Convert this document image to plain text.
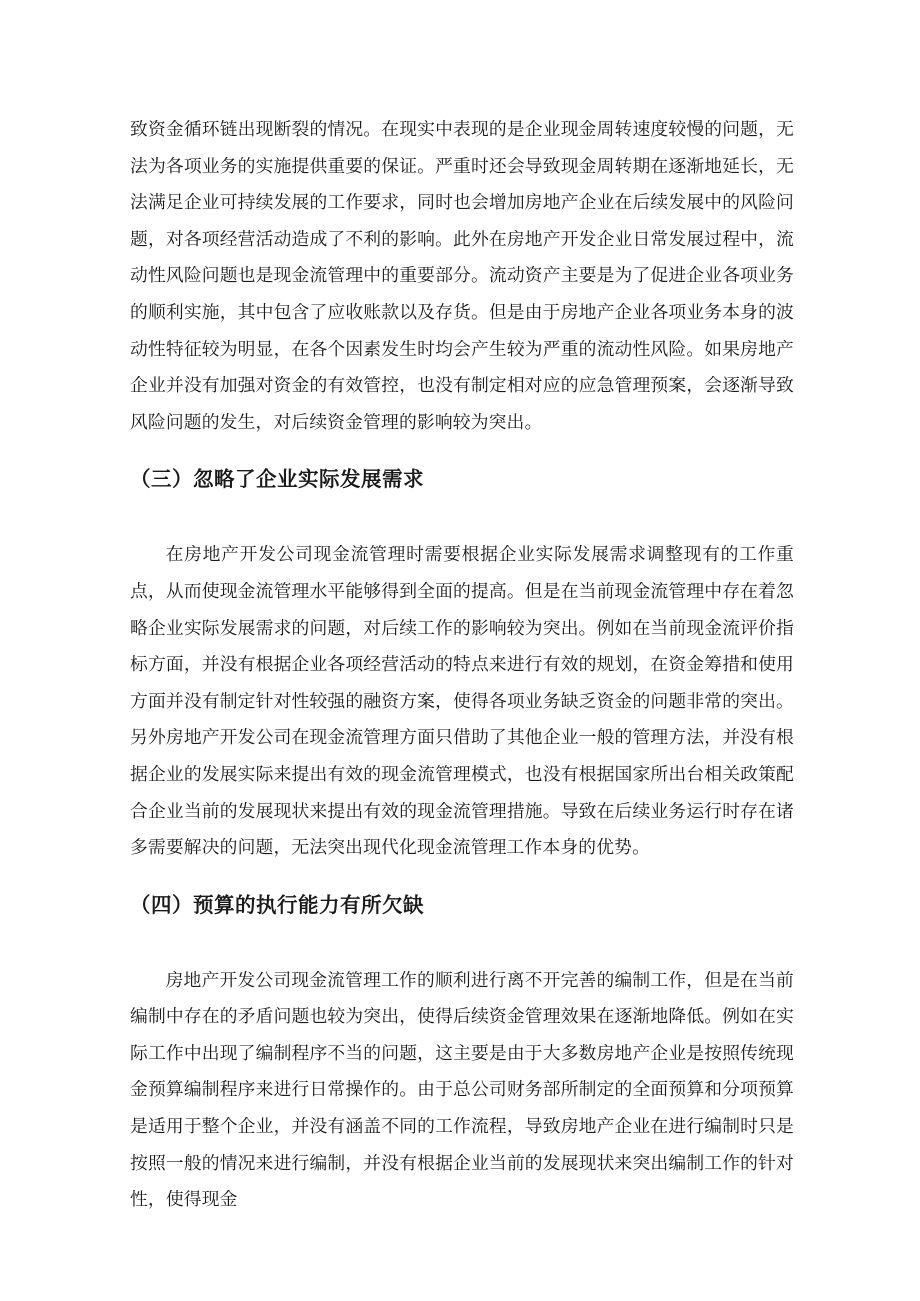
致资金循环链出现断裂的情况。在现实中表现的是企业现金周转速度较慢的问题，无法为各项业务的实施提供重要的保证。严重时还会导致现金周转期在逐渐地延长，无法满足企业可持续发展的工作要求，同时也会增加房地产企业在后续发展中的风险问题，对各项经营活动造成了不利的影响。此外在房地产开发企业日常发展过程中，流动性风险问题也是现金流管理中的重要部分。流动资产主要是为了促进企业各项业务的顺利实施，其中包含了应收账款以及存货。但是由于房地产企业各项业务本身的波动性特征较为明显，在各个因素发生时均会产生较为严重的流动性风险。如果房地产企业并没有加强对资金的有效管控，也没有制定相对应的应急管理预案，会逐渐导致风险问题的发生，对后续资金管理的影响较为突出。

（三）忽略了企业实际发展需求

在房地产开发公司现金流管理时需要根据企业实际发展需求调整现有的工作重点，从而使现金流管理水平能够得到全面的提高。但是在当前现金流管理中存在着忽略企业实际发展需求的问题，对后续工作的影响较为突出。例如在当前现金流评价指标方面，并没有根据企业各项经营活动的特点来进行有效的规划，在资金筹措和使用方面并没有制定针对性较强的融资方案，使得各项业务缺乏资金的问题非常的突出。另外房地产开发公司在现金流管理方面只借助了其他企业一般的管理方法，并没有根据企业的发展实际来提出有效的现金流管理模式，也没有根据国家所出台相关政策配合企业当前的发展现状来提出有效的现金流管理措施。导致在后续业务运行时存在诸多需要解决的问题，无法突出现代化现金流管理工作本身的优势。

（四）预算的执行能力有所欠缺

房地产开发公司现金流管理工作的顺利进行离不开完善的编制工作，但是在当前编制中存在的矛盾问题也较为突出，使得后续资金管理效果在逐渐地降低。例如在实际工作中出现了编制程序不当的问题，这主要是由于大多数房地产企业是按照传统现金预算编制程序来进行日常操作的。由于总公司财务部所制定的全面预算和分项预算是适用于整个企业，并没有涵盖不同的工作流程，导致房地产企业在进行编制时只是按照一般的情况来进行编制，并没有根据企业当前的发展现状来突出编制工作的针对性，使得现金
